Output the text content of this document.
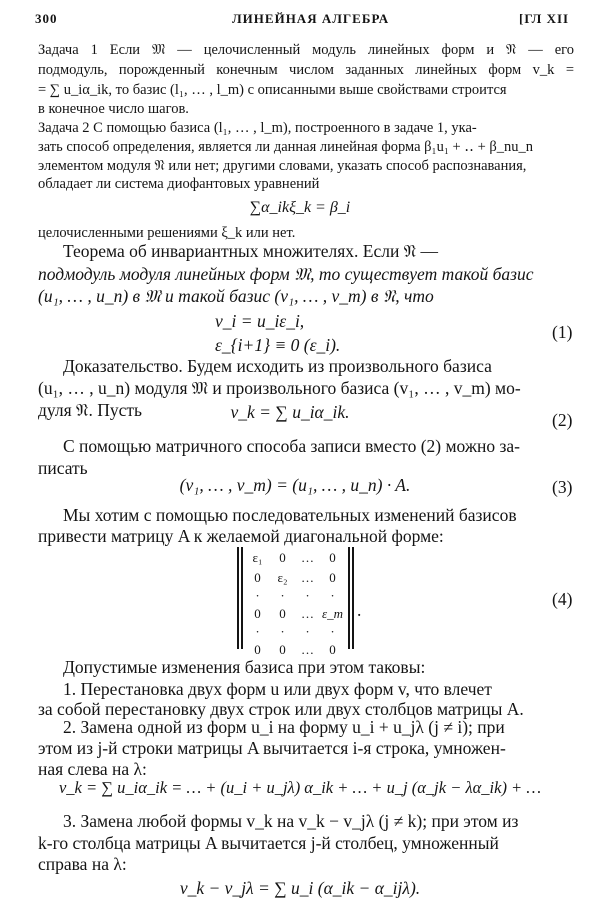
300	ЛИНЕЙНАЯ АЛГЕБРА	[ГЛ XII
Задача 1 Если 𝔐 — целочисленный модуль линейных форм и 𝔑 — его
подмодуль, порожденный конечным числом заданных линейных форм v_k =
= ∑ u_iα_ik, то базис (l₁, … , l_m) с описанными выше свойствами строится
в конечное число шагов.
Задача 2 С помощью базиса (l₁, … , l_m), построенного в задаче 1, ука-
зать способ определения, является ли данная линейная форма β₁u₁ + ‥ + β_nu_n
элементом модуля 𝔑 или нет; другими словами, указать способ распознавания,
обладает ли система диофантовых уравнений
∑α_ikξ_k = β_i
целочисленными решениями ξ_k или нет.
Теорема об инвариантных множителях. Если 𝔑 —
подмодуль модуля линейных форм 𝔐, то существует такой базис
(u₁, … , u_n) в 𝔐 и такой базис (v₁, … , v_m) в 𝔑, что
v_i = u_iε_i,
ε_{i+1} ≡ 0 (ε_i).
(1)
Доказательство. Будем исходить из произвольного базиса
(u₁, … , u_n) модуля 𝔐 и произвольного базиса (v₁, … , v_m) мо-
дуля 𝔑. Пусть	v_k = ∑ u_iα_ik.	(2)
С помощью матричного способа записи вместо (2) можно за-
писать
(v₁, … , v_m) = (u₁, … , u_n) · A.	(3)
Мы хотим с помощью последовательных изменений базисов
привести матрицу A к желаемой диагональной форме:
ε₁	0	…	0
0	ε₂	…	0
·	·	·	·
0	0	…	ε_m
·	·	·	·
0	0	…	0
.
(4)
Допустимые изменения базиса при этом таковы:
1. Перестановка двух форм u или двух форм v, что влечет
за собой перестановку двух строк или двух столбцов матрицы A.
2. Замена одной из форм u_i на форму u_i + u_jλ (j ≠ i); при
этом из j-й строки матрицы A вычитается i-я строка, умножен-
ная слева на λ:
v_k = ∑ u_iα_ik = … + (u_i + u_jλ) α_ik + … + u_j (α_jk − λα_ik) + …
3. Замена любой формы v_k на v_k − v_jλ (j ≠ k); при этом из
k-го столбца матрицы A вычитается j-й столбец, умноженный
справа на λ:
v_k − v_jλ = ∑ u_i (α_ik − α_ijλ).
